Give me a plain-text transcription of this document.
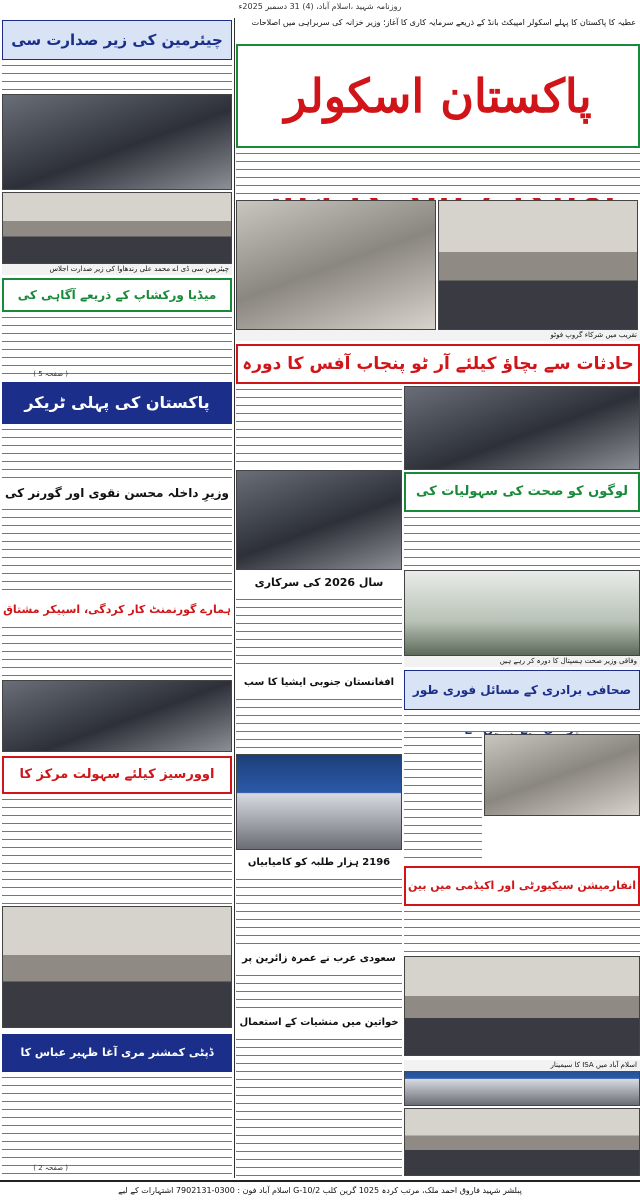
روزنامہ شہید ،اسلام آباد، (4) 31 دسمبر 2025ء
عطیہ کا پاکستان کا پہلے اسکولر امپیکٹ بانڈ کے ذریعے سرمایہ کاری کا آغاز؛ وزیر خزانہ کی سربراہی میں اصلاحات
پاکستان اسکولر
تقریب میں شرکاء گروپ فوٹو
چیئرمین کی زیر صدارت سی
چیئرمین سی ڈی اے محمد علی رندھاوا کی زیر صدارت اجلاس
میڈیا ورکشاپ کے ذریعے آگاہی کی
پاکستان کی پہلی ٹریکر
وزیرِ داخلہ محسن نقوی اور گورنر کی
ہمارے گورنمنٹ کار کردگی، اسپیکر مشتاق
اوورسیز کیلئے سہولت مرکز کا
ڈپٹی کمشنر مری آغا ظہیر عباس کا
حادثات سے بچاؤ کیلئے آر ٹو پنجاب آفس کا دورہ
لوگوں کو صحت کی سہولیات کی
وفاقی وزیر صحت ہسپتال کا دورہ کر رہے ہیں
سال 2026 کی سرکاری
افغانستان جنوبی ایشیا کا سب
صحافی برادری کے مسائل فوری طور
انفارمیشن سیکیورٹی اور اکیڈمی میں بین
2196 ہزار طلبہ کو کامیابیاں
سعودی عرب نے عمرہ زائرین پر
خواتین میں منشیات کے استعمال
اسلام آباد میں ISA کا سیمینار
( صفحہ 5 )
( صفحہ 2 )
پبلشر شہید فاروق احمد ملک، مرتب کردہ 1025 گرین کلب G-10/2 اسلام آباد فون : 0300-7902131 اشتہارات کے لیے
